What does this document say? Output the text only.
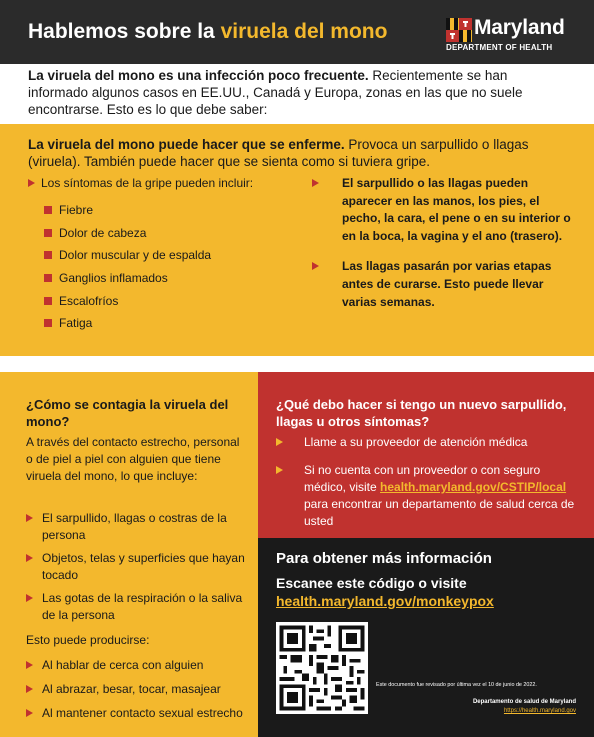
Hablemos sobre la viruela del mono	Maryland
DEPARTMENT OF HEALTH
La viruela del mono es una infección poco frecuente. Recientemente se han informado algunos casos en EE.UU., Canadá y Europa, zonas en las que no suele encontrarse. Esto es lo que debe saber:
La viruela del mono puede hacer que se enferme. Provoca un sarpullido o llagas (viruela). También puede hacer que se sienta como si tuviera gripe.
Los síntomas de la gripe pueden incluir:
Fiebre
Dolor de cabeza
Dolor muscular y de espalda
Ganglios inflamados
Escalofríos
Fatiga
El sarpullido o las llagas pueden aparecer en las manos, los pies, el pecho, la cara, el pene o en su interior o en la boca, la vagina y el ano (trasero).
Las llagas pasarán por varias etapas antes de curarse. Esto puede llevar varias semanas.
¿Cómo se contagia la viruela del mono?
A través del contacto estrecho, personal o de piel a piel con alguien que tiene viruela del mono, lo que incluye:
El sarpullido, llagas o costras de la persona
Objetos, telas y superficies que hayan tocado
Las gotas de la respiración o la saliva de la persona
Esto puede producirse:
Al hablar de cerca con alguien
Al abrazar, besar, tocar, masajear
Al mantener contacto sexual estrecho
¿Qué debo hacer si tengo un nuevo sarpullido, llagas u otros síntomas?
Llame a su proveedor de atención médica
Si no cuenta con un proveedor o con seguro médico, visite health.maryland.gov/CSTIP/local para encontrar un departamento de salud cerca de usted
Para obtener más información
Escanee este código o visite
health.maryland.gov/monkeypox
Este documento fue revisado por última vez el 10 de junio de 2022.
Departamento de salud de Maryland
https://health.maryland.gov
